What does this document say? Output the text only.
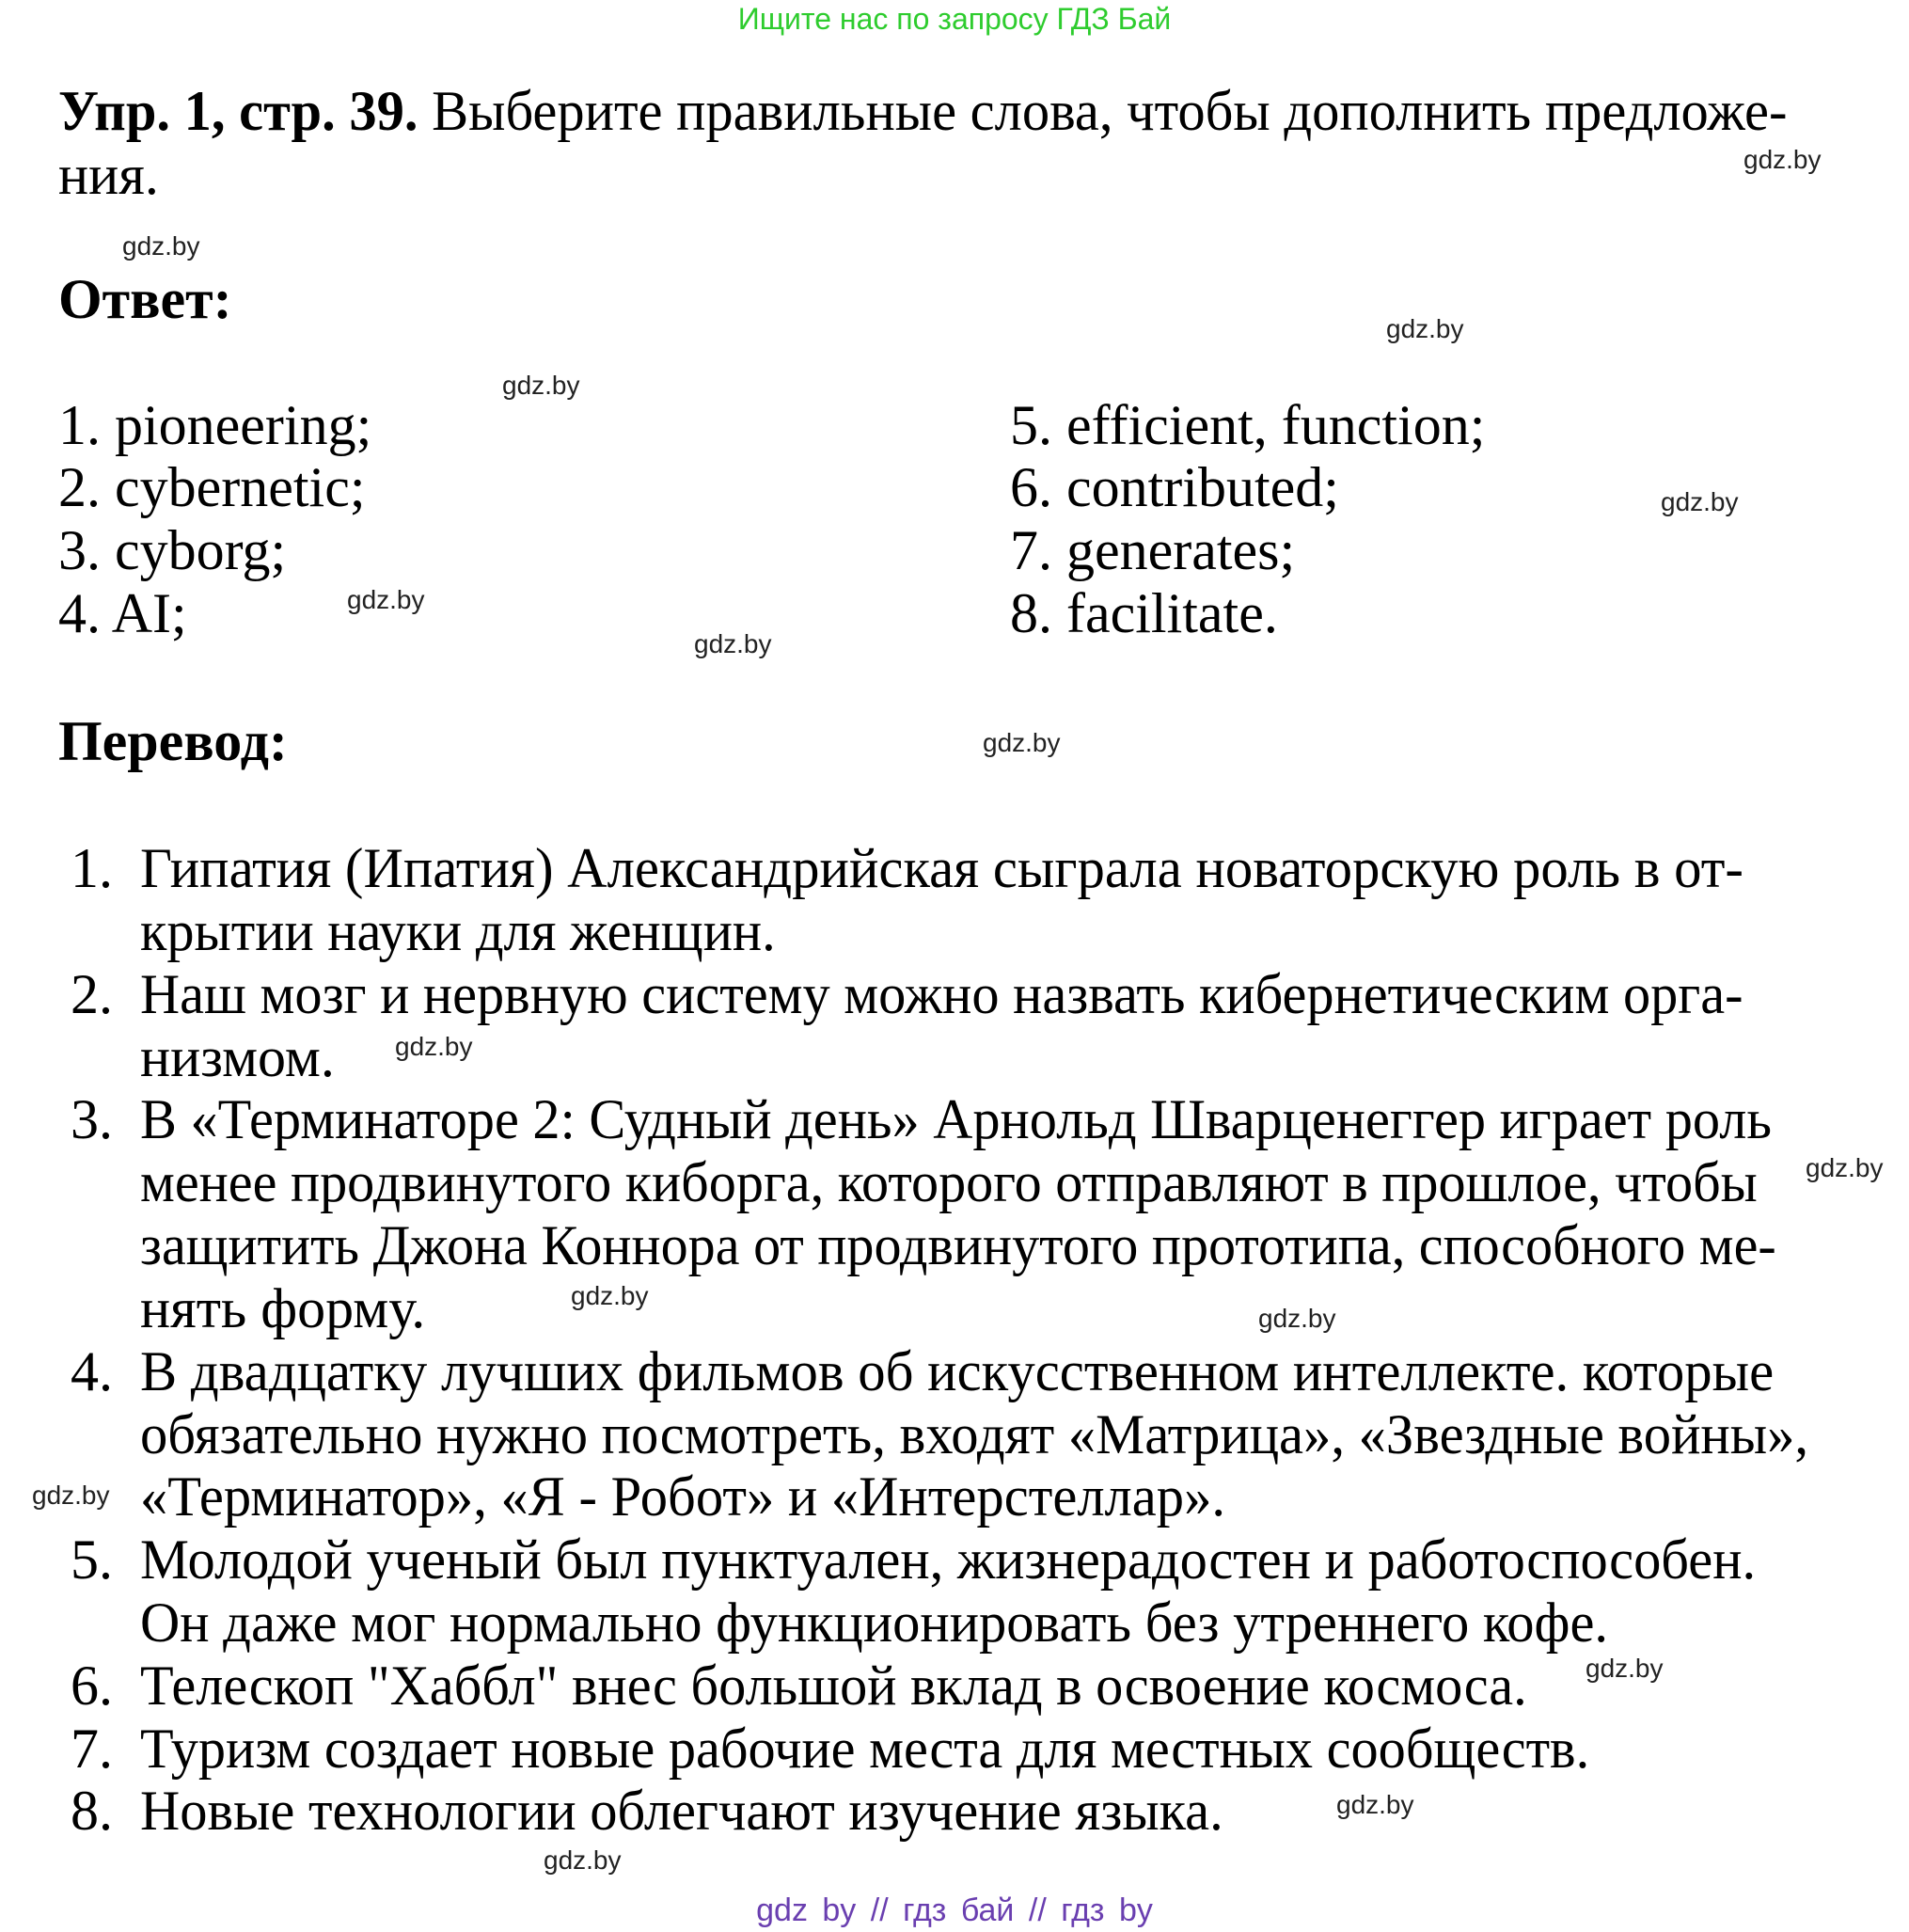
Ищите нас по запросу ГДЗ Бай
Упр. 1, стр. 39. Выберите правильные слова, чтобы дополнить предложе-
ния.
Ответ:
1. pioneering;
2. cybernetic;
3. cyborg;
4. AI;
5. efficient, function;
6. contributed;
7. generates;
8. facilitate.
Перевод:
1. Гипатия (Ипатия) Александрийская сыграла новаторскую роль в от-
крытии науки для женщин.
2. Наш мозг и нервную систему можно назвать кибернетическим орга-
низмом.
3. В «Терминаторе 2: Судный день» Арнольд Шварценеггер играет роль
менее продвинутого киборга, которого отправляют в прошлое, чтобы
защитить Джона Коннора от продвинутого прототипа, способного ме-
нять форму.
4. В двадцатку лучших фильмов об искусственном интеллекте. которые
обязательно нужно посмотреть, входят «Матрица», «Звездные войны»,
«Терминатор», «Я - Робот» и «Интерстеллар».
5. Молодой ученый был пунктуален, жизнерадостен и работоспособен.
Он даже мог нормально функционировать без утреннего кофе.
6. Телескоп "Хаббл" внес большой вклад в освоение космоса.
7. Туризм создает новые рабочие места для местных сообществ.
8. Новые технологии облегчают изучение языка.
gdz.by
gdz.by
gdz.by
gdz.by
gdz.by
gdz.by
gdz.by
gdz.by
gdz.by
gdz.by
gdz.by
gdz.by
gdz.by
gdz.by
gdz.by
gdz.by
gdz by // гдз бай // гдз by
